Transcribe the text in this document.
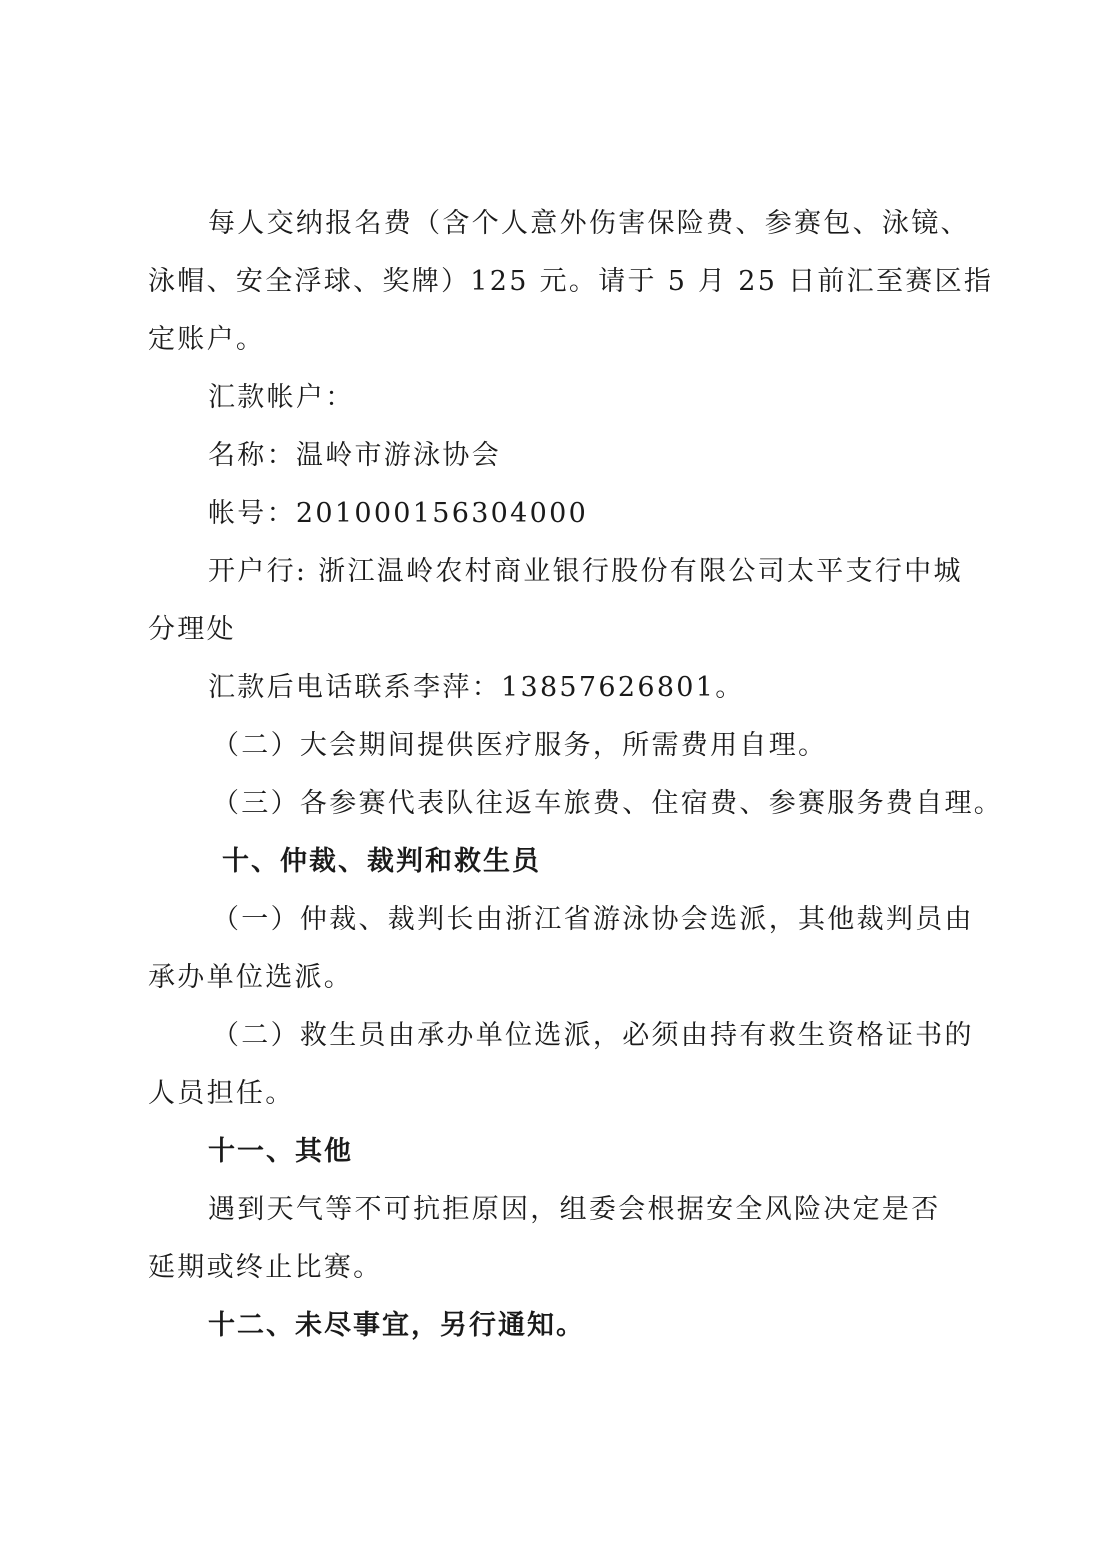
每人交纳报名费（含个人意外伤害保险费、参赛包、泳镜、
泳帽、安全浮球、奖牌）125 元。请于 5 月 25 日前汇至赛区指
定账户。
汇款帐户：
名称：温岭市游泳协会
帐号：201000156304000
开户行: 浙江温岭农村商业银行股份有限公司太平支行中城
分理处
汇款后电话联系李萍：13857626801。
（二）大会期间提供医疗服务，所需费用自理。
（三）各参赛代表队往返车旅费、住宿费、参赛服务费自理。
十、仲裁、裁判和救生员
（一）仲裁、裁判长由浙江省游泳协会选派，其他裁判员由
承办单位选派。
（二）救生员由承办单位选派，必须由持有救生资格证书的
人员担任。
十一、其他
遇到天气等不可抗拒原因，组委会根据安全风险决定是否
延期或终止比赛。
十二、未尽事宜，另行通知。
